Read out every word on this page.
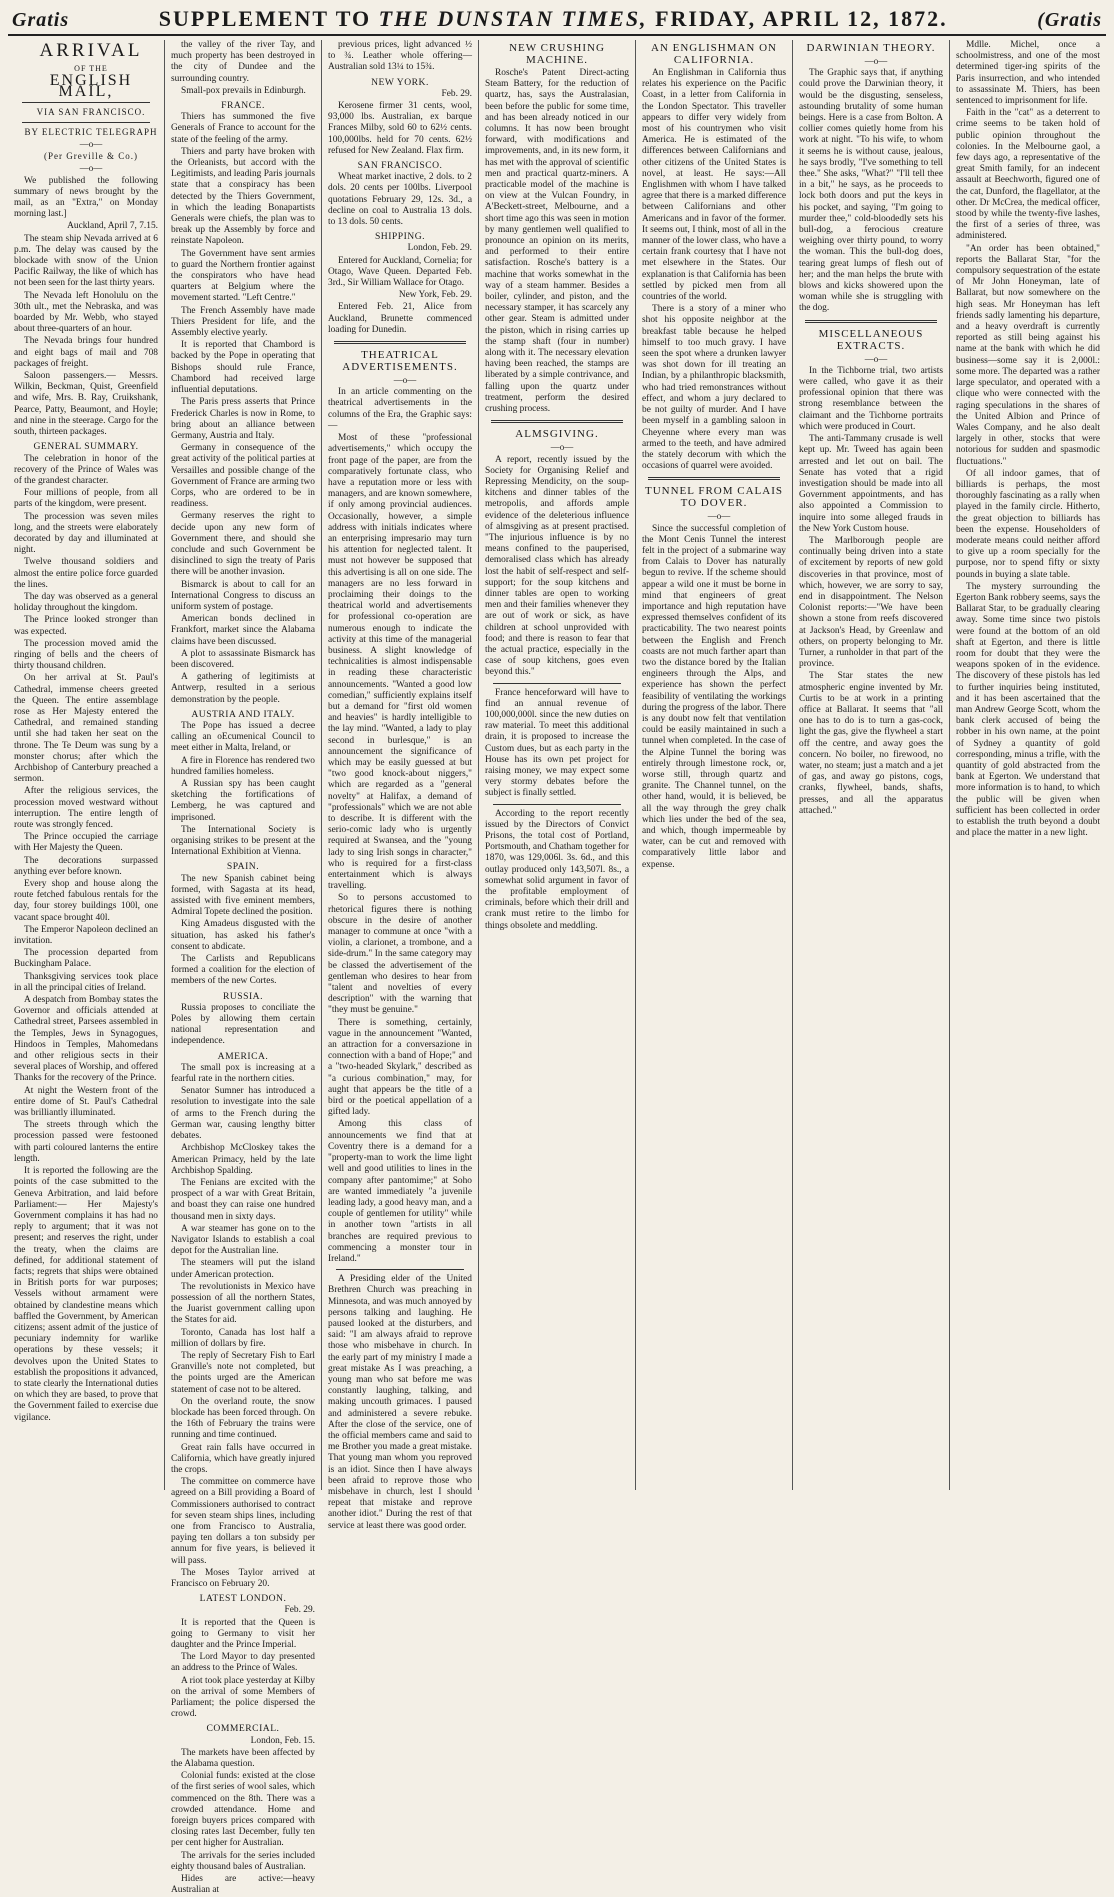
Gratis	SUPPLEMENT TO THE DUNSTAN TIMES, FRIDAY, APRIL 12, 1872.	(Gratis

ARRIVAL

OF THE

ENGLISH MAIL,

VIA SAN FRANCISCO.

BY ELECTRIC TELEGRAPH

—o—

(Per Greville & Co.)

—o—

We published the following summary of news brought by the mail, as an "Extra," on Monday morning last.]

Auckland, April 7, 7.15.

The steam ship Nevada arrived at 6 p.m. The delay was caused by the blockade with snow of the Union Pacific Railway, the like of which has not been seen for the last thirty years.

The Nevada left Honolulu on the 30th ult., met the Nebraska, and was boarded by Mr. Webb, who stayed about three-quarters of an hour.

The Nevada brings four hundred and eight bags of mail and 708 packages of freight.

Saloon passengers.— Messrs. Wilkin, Beckman, Quist, Greenfield and wife, Mrs. B. Ray, Cruikshank, Pearce, Patty, Beaumont, and Hoyle; and nine in the steerage. Cargo for the south, thirteen packages.

GENERAL SUMMARY.

The celebration in honor of the recovery of the Prince of Wales was of the grandest character.

Four millions of people, from all parts of the kingdom, were present.

The procession was seven miles long, and the streets were elaborately decorated by day and illuminated at night.

Twelve thousand soldiers and almost the entire police force guarded the lines.

The day was observed as a general holiday throughout the kingdom.

The Prince looked stronger than was expected.

The procession moved amid the ringing of bells and the cheers of thirty thousand children.

On her arrival at St. Paul's Cathedral, immense cheers greeted the Queen. The entire assemblage rose as Her Majesty entered the Cathedral, and remained standing until she had taken her seat on the throne. The Te Deum was sung by a monster chorus; after which the Archbishop of Canterbury preached a sermon.

After the religious services, the procession moved westward without interruption. The entire length of route was strongly fenced.

The Prince occupied the carriage with Her Majesty the Queen.

The decorations surpassed anything ever before known.

Every shop and house along the route fetched fabulous rentals for the day, four storey buildings 100l, one vacant space brought 40l.

The Emperor Napoleon declined an invitation.

The procession departed from Buckingham Palace.

Thanksgiving services took place in all the principal cities of Ireland.

A despatch from Bombay states the Governor and officials attended at Cathedral street, Parsees assembled in the Temples, Jews in Synagogues, Hindoos in Temples, Mahomedans and other religious sects in their several places of Worship, and offered Thanks for the recovery of the Prince.

At night the Western front of the entire dome of St. Paul's Cathedral was brilliantly illuminated.

The streets through which the procession passed were festooned with parti coloured lanterns the entire length.

It is reported the following are the points of the case submitted to the Geneva Arbitration, and laid before Parliament:— Her Majesty's Government complains it has had no reply to argument; that it was not present; and reserves the right, under the treaty, when the claims are defined, for additional statement of facts; regrets that ships were obtained in British ports for war purposes; Vessels without armament were obtained by clandestine means which baffled the Government, by American citizens; assent admit of the justice of pecuniary indemnity for warlike operations by these vessels; it devolves upon the United States to establish the propositions it advanced, to state clearly the International duties on which they are based, to prove that the Government failed to exercise due vigilance.

the valley of the river Tay, and much property has been destroyed in the city of Dundee and the surrounding country.

Small-pox prevails in Edinburgh.

FRANCE.

Thiers has summoned the five Generals of France to account for the state of the feeling of the army.

Thiers and party have broken with the Orleanists, but accord with the Legitimists, and leading Paris journals state that a conspiracy has been detected by the Thiers Government, in which the leading Bonapartists Generals were chiefs, the plan was to break up the Assembly by force and reinstate Napoleon.

The Government have sent armies to guard the Northern frontier against the conspirators who have head quarters at Belgium where the movement started. "Left Centre."

The French Assembly have made Thiers President for life, and the Assembly elective yearly.

It is reported that Chambord is backed by the Pope in operating that Bishops should rule France, Chambord had received large influential deputations.

The Paris press asserts that Prince Frederick Charles is now in Rome, to bring about an alliance between Germany, Austria and Italy.

Germany in consequence of the great activity of the political parties at Versailles and possible change of the Government of France are arming two Corps, who are ordered to be in readiness.

Germany reserves the right to decide upon any new form of Government there, and should she conclude and such Government be disinclined to sign the treaty of Paris there will be another invasion.

Bismarck is about to call for an International Congress to discuss an uniform system of postage.

American bonds declined in Frankfort, market since the Alabama claims have been discussed.

A plot to assassinate Bismarck has been discovered.

A gathering of legitimists at Antwerp, resulted in a serious demonstration by the people.

AUSTRIA AND ITALY.

The Pope has issued a decree calling an oEcumenical Council to meet either in Malta, Ireland, or

A fire in Florence has rendered two hundred families homeless.

A Russian spy has been caught sketching the fortifications of Lemberg, he was captured and imprisoned.

The International Society is organising strikes to be present at the International Exhibition at Vienna.

SPAIN.

The new Spanish cabinet being formed, with Sagasta at its head, assisted with five eminent members, Admiral Topete declined the position.

King Amadeus disgusted with the situation, has asked his father's consent to abdicate.

The Carlists and Republicans formed a coalition for the election of members of the new Cortes.

RUSSIA.

Russia proposes to conciliate the Poles by allowing them certain national representation and independence.

AMERICA.

The small pox is increasing at a fearful rate in the northern cities.

Senator Sumner has introduced a resolution to investigate into the sale of arms to the French during the German war, causing lengthy bitter debates.

Archbishop McCloskey takes the American Primacy, held by the late Archbishop Spalding.

The Fenians are excited with the prospect of a war with Great Britain, and boast they can raise one hundred thousand men in sixty days.

A war steamer has gone on to the Navigator Islands to establish a coal depot for the Australian line.

The steamers will put the island under American protection.

The revolutionists in Mexico have possession of all the northern States, the Juarist government calling upon the States for aid.

Toronto, Canada has lost half a million of dollars by fire.

The reply of Secretary Fish to Earl Granville's note not completed, but the points urged are the American statement of case not to be altered.

On the overland route, the snow blockade has been forced through. On the 16th of February the trains were running and time continued.

Great rain falls have occurred in California, which have greatly injured the crops.

The committee on commerce have agreed on a Bill providing a Board of Commissioners authorised to contract for seven steam ships lines, including one from Francisco to Australia, paying ten dollars a ton subsidy per annum for five years, is believed it will pass.

The Moses Taylor arrived at Francisco on February 20.

LATEST LONDON.

Feb. 29.

It is reported that the Queen is going to Germany to visit her daughter and the Prince Imperial.

The Lord Mayor to day presented an address to the Prince of Wales.

A riot took place yesterday at Kilby on the arrival of some Members of Parliament; the police dispersed the crowd.

COMMERCIAL.

London, Feb. 15.

The markets have been affected by the Alabama question.

Colonial funds: existed at the close of the first series of wool sales, which commenced on the 8th. There was a crowded attendance. Home and foreign buyers prices compared with closing rates last December, fully ten per cent higher for Australian.

The arrivals for the series included eighty thousand bales of Australian.

Hides are active:—heavy Australian at

previous prices, light advanced ½ to ¾. Leather whole offering—Australian sold 13¼ to 15¾.

NEW YORK.

Feb. 29.

Kerosene firmer 31 cents, wool, 93,000 lbs. Australian, ex barque Frances Milby, sold 60 to 62½ cents. 100,000lbs. held for 70 cents. 62½ refused for New Zealand. Flax firm.

SAN FRANCISCO.

Wheat market inactive, 2 dols. to 2 dols. 20 cents per 100lbs. Liverpool quotations February 29, 12s. 3d., a decline on coal to Australia 13 dols. to 13 dols. 50 cents.

SHIPPING.

London, Feb. 29.

Entered for Auckland, Cornelia; for Otago, Wave Queen. Departed Feb. 3rd., Sir William Wallace for Otago.

New York, Feb. 29.

Entered Feb. 21, Alice from Auckland, Brunette commenced loading for Dunedin.

THEATRICAL ADVERTISEMENTS.

—o—

In an article commenting on the theatrical advertisements in the columns of the Era, the Graphic says:—

Most of these "professional advertisements," which occupy the front page of the paper, are from the comparatively fortunate class, who have a reputation more or less with managers, and are known somewhere, if only among provincial audiences. Occasionally, however, a simple address with initials indicates where an enterprising impresario may turn his attention for neglected talent. It must not however be supposed that this advertising is all on one side. The managers are no less forward in proclaiming their doings to the theatrical world and advertisements for professional co-operation are numerous enough to indicate the activity at this time of the managerial business. A slight knowledge of technicalities is almost indispensable in reading these characteristic announcements. "Wanted a good low comedian," sufficiently explains itself but a demand for "first old women and heavies" is hardly intelligible to the lay mind. "Wanted, a lady to play second in burlesque," is an announcement the significance of which may be easily guessed at but "two good knock-about niggers," which are regarded as a "general novelty" at Halifax, a demand of "professionals" which we are not able to describe. It is different with the serio-comic lady who is urgently required at Swansea, and the "young lady to sing Irish songs in character," who is required for a first-class entertainment which is always travelling.

So to persons accustomed to rhetorical figures there is nothing obscure in the desire of another manager to commune at once "with a violin, a clarionet, a trombone, and a side-drum." In the same category may be classed the advertisement of the gentleman who desires to hear from "talent and novelties of every description" with the warning that "they must be genuine."

There is something, certainly, vague in the announcement "Wanted, an attraction for a conversazione in connection with a band of Hope;" and a "two-headed Skylark," described as "a curious combination," may, for aught that appears be the title of a bird or the poetical appellation of a gifted lady.

Among this class of announcements we find that at Coventry there is a demand for a "property-man to work the lime light well and good utilities to lines in the company after pantomime;" at Soho are wanted immediately "a juvenile leading lady, a good heavy man, and a couple of gentlemen for utility" while in another town "artists in all branches are required previous to commencing a monster tour in Ireland."

A Presiding elder of the United Brethren Church was preaching in Minnesota, and was much annoyed by persons talking and laughing. He paused looked at the disturbers, and said: "I am always afraid to reprove those who misbehave in church. In the early part of my ministry I made a great mistake As I was preaching, a young man who sat before me was constantly laughing, talking, and making uncouth grimaces. I paused and administered a severe rebuke. After the close of the service, one of the official members came and said to me Brother you made a great mistake. That young man whom you reproved is an idiot. Since then I have always been afraid to reprove those who misbehave in church, lest I should repeat that mistake and reprove another idiot." During the rest of that service at least there was good order.

NEW CRUSHING MACHINE.

Rosche's Patent Direct-acting Steam Battery, for the reduction of quartz, has, says the Australasian, been before the public for some time, and has been already noticed in our columns. It has now been brought forward, with modifications and improvements, and, in its new form, it has met with the approval of scientific men and practical quartz-miners. A practicable model of the machine is on view at the Vulcan Foundry, in A'Beckett-street, Melbourne, and a short time ago this was seen in motion by many gentlemen well qualified to pronounce an opinion on its merits, and performed to their entire satisfaction. Rosche's battery is a machine that works somewhat in the way of a steam hammer. Besides a boiler, cylinder, and piston, and the necessary stamper, it has scarcely any other gear. Steam is admitted under the piston, which in rising carries up the stamp shaft (four in number) along with it. The necessary elevation having been reached, the stamps are liberated by a simple contrivance, and falling upon the quartz under treatment, perform the desired crushing process.

ALMSGIVING.

—o—

A report, recently issued by the Society for Organising Relief and Repressing Mendicity, on the soup-kitchens and dinner tables of the metropolis, and affords ample evidence of the deleterious influence of almsgiving as at present practised. "The injurious influence is by no means confined to the pauperised, demoralised class which has already lost the habit of self-respect and self-support; for the soup kitchens and dinner tables are open to working men and their families whenever they are out of work or sick, as have children at school unprovided with food; and there is reason to fear that the actual practice, especially in the case of soup kitchens, goes even beyond this."

France henceforward will have to find an annual revenue of 100,000,000l. since the new duties on raw material. To meet this additional drain, it is proposed to increase the Custom dues, but as each party in the House has its own pet project for raising money, we may expect some very stormy debates before the subject is finally settled.

According to the report recently issued by the Directors of Convict Prisons, the total cost of Portland, Portsmouth, and Chatham together for 1870, was 129,006l. 3s. 6d., and this outlay produced only 143,507l. 8s., a somewhat solid argument in favor of the profitable employment of criminals, before which their drill and crank must retire to the limbo for things obsolete and meddling.

AN ENGLISHMAN ON CALIFORNIA.

An Englishman in California thus relates his experience on the Pacific Coast, in a letter from California in the London Spectator. This traveller appears to differ very widely from most of his countrymen who visit America. He is estimated of the differences between Californians and other citizens of the United States is novel, at least. He says:—All Englishmen with whom I have talked agree that there is a marked difference between Californians and other Americans and in favor of the former. It seems out, I think, most of all in the manner of the lower class, who have a certain frank courtesy that I have not met elsewhere in the States. Our explanation is that California has been settled by picked men from all countries of the world.

There is a story of a miner who shot his opposite neighbor at the breakfast table because he helped himself to too much gravy. I have seen the spot where a drunken lawyer was shot down for ill treating an Indian, by a philanthropic blacksmith, who had tried remonstrances without effect, and whom a jury declared to be not guilty of murder. And I have been myself in a gambling saloon in Cheyenne where every man was armed to the teeth, and have admired the stately decorum with which the occasions of quarrel were avoided.

TUNNEL FROM CALAIS TO DOVER.

—o—

Since the successful completion of the Mont Cenis Tunnel the interest felt in the project of a submarine way from Calais to Dover has naturally begun to revive. If the scheme should appear a wild one it must be borne in mind that engineers of great importance and high reputation have expressed themselves confident of its practicability. The two nearest points between the English and French coasts are not much farther apart than two the distance bored by the Italian engineers through the Alps, and experience has shown the perfect feasibility of ventilating the workings during the progress of the labor. There is any doubt now felt that ventilation could be easily maintained in such a tunnel when completed. In the case of the Alpine Tunnel the boring was entirely through limestone rock, or, worse still, through quartz and granite. The Channel tunnel, on the other hand, would, it is believed, be all the way through the grey chalk which lies under the bed of the sea, and which, though impermeable by water, can be cut and removed with comparatively little labor and expense.

DARWINIAN THEORY.

—o—

The Graphic says that, if anything could prove the Darwinian theory, it would be the disgusting, senseless, astounding brutality of some human beings. Here is a case from Bolton. A collier comes quietly home from his work at night. "To his wife, to whom it seems he is without cause, jealous, he says brodly, "I've something to tell thee." She asks, "What?" "I'll tell thee in a bit," he says, as he proceeds to lock both doors and put the keys in his pocket, and saying, "I'm going to murder thee," cold-bloodedly sets his bull-dog, a ferocious creature weighing over thirty pound, to worry the woman. This the bull-dog does, tearing great lumps of flesh out of her; and the man helps the brute with blows and kicks showered upon the woman while she is struggling with the dog.

MISCELLANEOUS EXTRACTS.

—o—

In the Tichborne trial, two artists were called, who gave it as their professional opinion that there was strong resemblance between the claimant and the Tichborne portraits which were produced in Court.

The anti-Tammany crusade is well kept up. Mr. Tweed has again been arrested and let out on bail. The Senate has voted that a rigid investigation should be made into all Government appointments, and has also appointed a Commission to inquire into some alleged frauds in the New York Custom house.

The Marlborough people are continually being driven into a state of excitement by reports of new gold discoveries in that province, most of which, however, we are sorry to say, end in disappointment. The Nelson Colonist reports:—"We have been shown a stone from reefs discovered at Jackson's Head, by Greenlaw and others, on property belonging to Mr. Turner, a runholder in that part of the province.

The Star states the new atmospheric engine invented by Mr. Curtis to be at work in a printing office at Ballarat. It seems that "all one has to do is to turn a gas-cock, light the gas, give the flywheel a start off the centre, and away goes the concern. No boiler, no firewood, no water, no steam; just a match and a jet of gas, and away go pistons, cogs, cranks, flywheel, bands, shafts, presses, and all the apparatus attached."

Mdlle. Michel, once a schoolmistress, and one of the most determined tiger-ing spirits of the Paris insurrection, and who intended to assassinate M. Thiers, has been sentenced to imprisonment for life.

Faith in the "cat" as a deterrent to crime seems to be taken hold of public opinion throughout the colonies. In the Melbourne gaol, a few days ago, a representative of the great Smith family, for an indecent assault at Beechworth, figured one of the cat, Dunford, the flagellator, at the other. Dr McCrea, the medical officer, stood by while the twenty-five lashes, the first of a series of three, was administered.

"An order has been obtained," reports the Ballarat Star, "for the compulsory sequestration of the estate of Mr John Honeyman, late of Ballarat, but now somewhere on the high seas. Mr Honeyman has left friends sadly lamenting his departure, and a heavy overdraft is currently reported as still being against his name at the bank with which he did business—some say it is 2,000l.: some more. The departed was a rather large speculator, and operated with a clique who were connected with the raging speculations in the shares of the United Albion and Prince of Wales Company, and he also dealt largely in other, stocks that were notorious for sudden and spasmodic fluctuations."

Of all indoor games, that of billiards is perhaps, the most thoroughly fascinating as a rally when played in the family circle. Hitherto, the great objection to billiards has been the expense. Householders of moderate means could neither afford to give up a room specially for the purpose, nor to spend fifty or sixty pounds in buying a slate table.

The mystery surrounding the Egerton Bank robbery seems, says the Ballarat Star, to be gradually clearing away. Some time since two pistols were found at the bottom of an old shaft at Egerton, and there is little room for doubt that they were the weapons spoken of in the evidence. The discovery of these pistols has led to further inquiries being instituted, and it has been ascertained that the man Andrew George Scott, whom the bank clerk accused of being the robber in his own name, at the point of Sydney a quantity of gold corresponding, minus a trifle, with the quantity of gold abstracted from the bank at Egerton. We understand that more information is to hand, to which the public will be given when sufficient has been collected in order to establish the truth beyond a doubt and place the matter in a new light.
